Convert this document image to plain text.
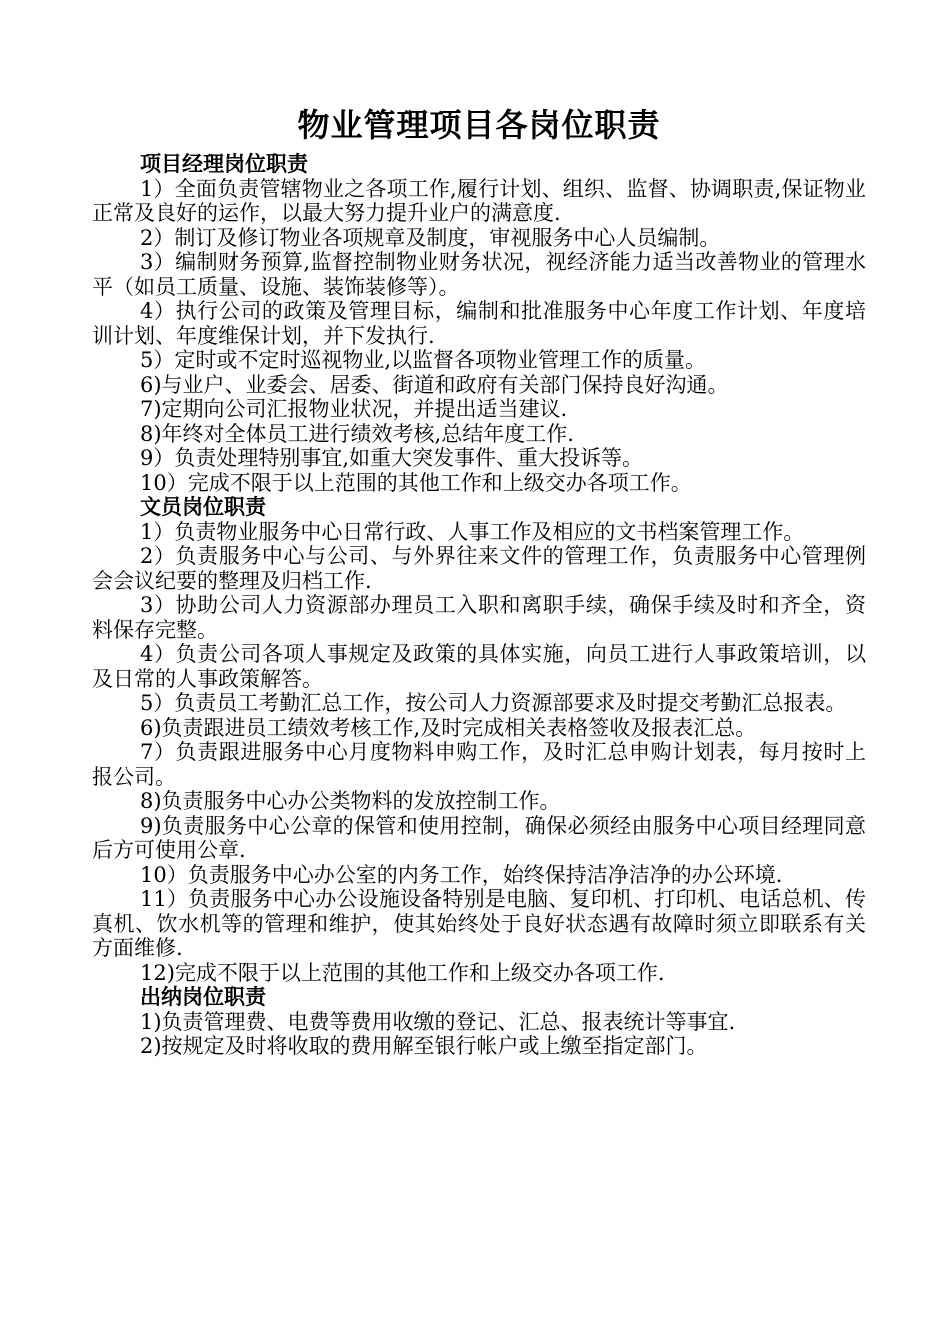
物业管理项目各岗位职责
项目经理岗位职责

1）全面负责管辖物业之各项工作,履行计划、组织、监督、协调职责,保证物业正常及良好的运作，以最大努力提升业户的满意度.

2）制订及修订物业各项规章及制度，审视服务中心人员编制。

3）编制财务预算,监督控制物业财务状况，视经济能力适当改善物业的管理水平（如员工质量、设施、装饰装修等）。

4）执行公司的政策及管理目标，编制和批准服务中心年度工作计划、年度培训计划、年度维保计划，并下发执行.

5）定时或不定时巡视物业,以监督各项物业管理工作的质量。

6)与业户、业委会、居委、街道和政府有关部门保持良好沟通。

7)定期向公司汇报物业状况，并提出适当建议.

8)年终对全体员工进行绩效考核,总结年度工作.

9）负责处理特别事宜,如重大突发事件、重大投诉等。

10）完成不限于以上范围的其他工作和上级交办各项工作。

文员岗位职责

1）负责物业服务中心日常行政、人事工作及相应的文书档案管理工作。

2）负责服务中心与公司、与外界往来文件的管理工作，负责服务中心管理例会会议纪要的整理及归档工作.

3）协助公司人力资源部办理员工入职和离职手续，确保手续及时和齐全，资料保存完整。

4）负责公司各项人事规定及政策的具体实施，向员工进行人事政策培训，以及日常的人事政策解答。

5）负责员工考勤汇总工作，按公司人力资源部要求及时提交考勤汇总报表。

6)负责跟进员工绩效考核工作,及时完成相关表格签收及报表汇总。

7）负责跟进服务中心月度物料申购工作，及时汇总申购计划表，每月按时上报公司。

8)负责服务中心办公类物料的发放控制工作。

9)负责服务中心公章的保管和使用控制，确保必须经由服务中心项目经理同意后方可使用公章.

10）负责服务中心办公室的内务工作，始终保持洁净洁净的办公环境.

11）负责服务中心办公设施设备特别是电脑、复印机、打印机、电话总机、传真机、饮水机等的管理和维护，使其始终处于良好状态遇有故障时须立即联系有关方面维修.

12)完成不限于以上范围的其他工作和上级交办各项工作.

出纳岗位职责

1)负责管理费、电费等费用收缴的登记、汇总、报表统计等事宜.

2)按规定及时将收取的费用解至银行帐户或上缴至指定部门。
